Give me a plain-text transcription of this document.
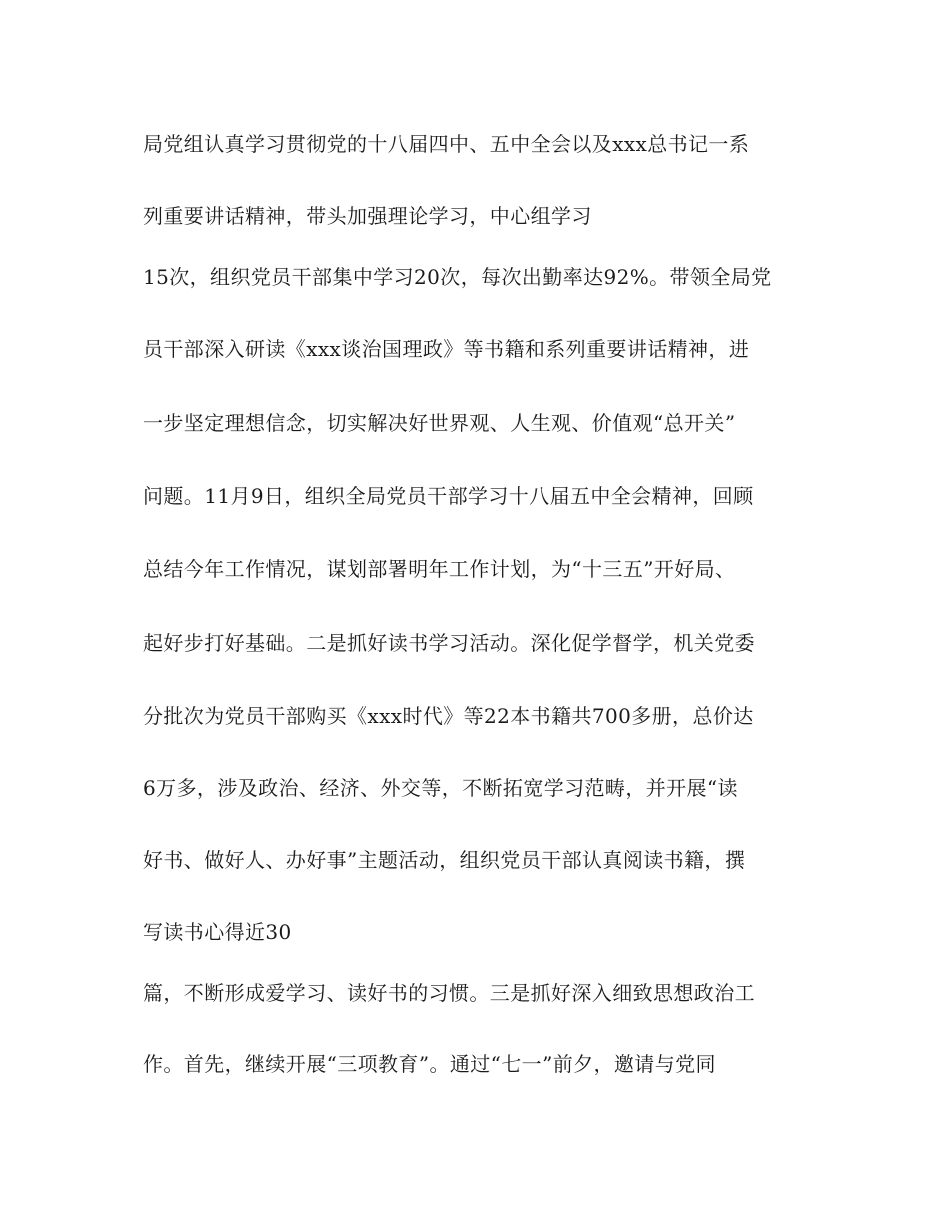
局党组认真学习贯彻党的十八届四中、五中全会以及xxx总书记一系
列重要讲话精神，带头加强理论学习，中心组学习
15次，组织党员干部集中学习20次，每次出勤率达92%。带领全局党
员干部深入研读《xxx谈治国理政》等书籍和系列重要讲话精神，进
一步坚定理想信念，切实解决好世界观、人生观、价值观“总开关”
问题。11月9日，组织全局党员干部学习十八届五中全会精神，回顾
总结今年工作情况，谋划部署明年工作计划，为“十三五”开好局、
起好步打好基础。二是抓好读书学习活动。深化促学督学，机关党委
分批次为党员干部购买《xxx时代》等22本书籍共700多册，总价达
6万多，涉及政治、经济、外交等，不断拓宽学习范畴，并开展“读
好书、做好人、办好事”主题活动，组织党员干部认真阅读书籍，撰
写读书心得近30
篇，不断形成爱学习、读好书的习惯。三是抓好深入细致思想政治工
作。首先，继续开展“三项教育”。通过“七一”前夕，邀请与党同
